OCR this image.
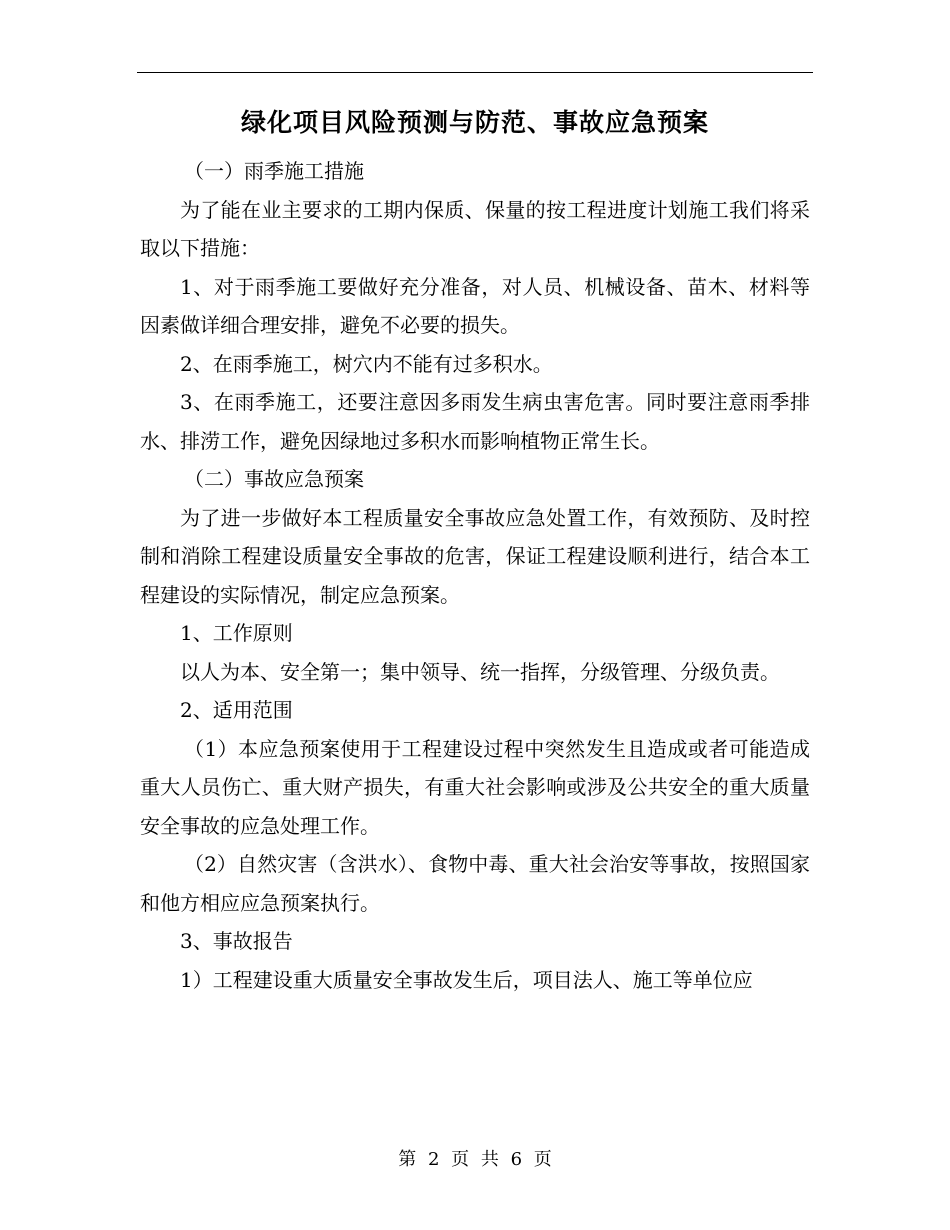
绿化项目风险预测与防范、事故应急预案

（一）雨季施工措施

为了能在业主要求的工期内保质、保量的按工程进度计划施工我们将采取以下措施：

1、对于雨季施工要做好充分准备，对人员、机械设备、苗木、材料等因素做详细合理安排，避免不必要的损失。

2、在雨季施工，树穴内不能有过多积水。

3、在雨季施工，还要注意因多雨发生病虫害危害。同时要注意雨季排水、排涝工作，避免因绿地过多积水而影响植物正常生长。

（二）事故应急预案

为了进一步做好本工程质量安全事故应急处置工作，有效预防、及时控制和消除工程建设质量安全事故的危害，保证工程建设顺利进行，结合本工程建设的实际情况，制定应急预案。

1、工作原则

以人为本、安全第一；集中领导、统一指挥，分级管理、分级负责。

2、适用范围

（1）本应急预案使用于工程建设过程中突然发生且造成或者可能造成重大人员伤亡、重大财产损失，有重大社会影响或涉及公共安全的重大质量安全事故的应急处理工作。

（2）自然灾害（含洪水）、食物中毒、重大社会治安等事故，按照国家和他方相应应急预案执行。

3、事故报告

1）工程建设重大质量安全事故发生后，项目法人、施工等单位应

第 2 页 共 6 页
